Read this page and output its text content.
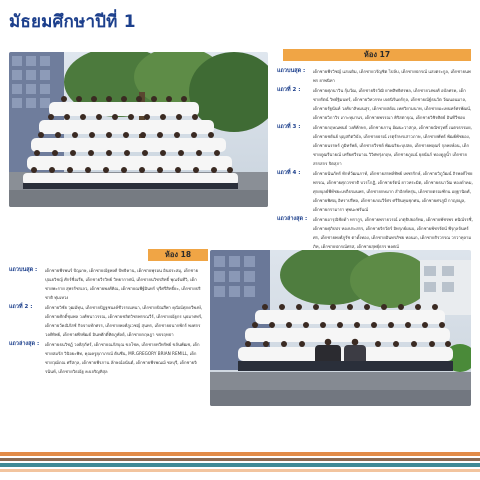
มัธยมศึกษาปีที่ 1
ห้อง 17
แถวบนสุด : เด็กชายพีรวิชญ์ แสงเดิม, เด็กชายวรัญชิต ไปล์บ, เด็กชายปกรณ์ แสงตระกูล, เด็กชายนพพร ยาพนิทา
แถวที่ 2 :	เด็กชายศุภนาวิน กุ้มวัฒ, เด็กชายจิรวัฒิ ยาพสิทธิศรพล, เด็กชายวงพงศ์ อบัลศรค, เด็กชายรัตน์ วิทย์ฐิมนทร์, เด็กชายวิทวรรษ เจตนิรันดร์กุล, เด็กชายณัฐ์ธนวัต วัฒนอนมาล, เด็กชายรัฐนันท์ วงศ์บาลิษมนสุร, เด็กชายสดัณ เทศวิยามนาท, เด็กชายอะเทนทร์ศรพัฒน์, เด็กชายวิภาวิร เกาะหุมานร, เด็กชายพรรณา คิริสตาจุณ, เด็กชายวิชิรศิตย์ อินทีวีชอบ
แถวที่ 3 :	เด็กชายกฤษณพนธ์ วงศ์ทักษก, เด็กชายภานุ อัฒนะวาสกุล, เด็กชายณิชวุทธิ์ เนตรธรรมย, เด็กชายชยันย์ บุญสกิตวิบัล, เด็กชายธรณ์ เรตุรักษรเสาวภาษ, เด็กชายพัทธ์ พัฒย์พัชยอง, เด็กชายนรรษร์ ภูมิทรัพย์, เด็กชายวีรชย์ พัฒฉริยะบุปสด, เด็กชายพฤฒร์ กุลพงษ์อน, เด็กชายภูฒรีฉายณ์ เทรียศวีรมาณ วิวิศทรุ่งกฤษ, เด็กชายภูณน์ ยุยนันก์ ทองดูลูน้ำ เด็กชายสรรสกร จิตสุภา
แถวที่ 4 :	เด็กชายนันภัทร์ ทักท์วัฒนภาท์, เด็กชายสรพล์ทิพย์ เพชรรักษ์, เด็กชายวิภูวัฒน์ ถิรพงศ์ไชยพรรณ, เด็กชายศุภวรชาติ บวรโกฏิ, เด็กชายรัตน์ ยาวทระมิต, เด็กชายธนาวัฒ ทองดำคม, ศุกยบุลย์พีท์ชยะเทภีธรมนพร, เด็กชายกษมาก สำอิกท์หรุ่น, เด็กชายตรณฑักน อยุฐานิดศ์, เด็กชายพิศณุ อิทราปรีพล, เด็กชายภณวีร์ศร ศรีจินทุนชุกศน, เด็กชายศรภูมี กาญจมูล, เด็กชายกรามารา ทุพนะฟรันณ์
แถวล่างสุด : เด็กชายอารุณิชัยด้า ทรากูร, เด็กชายพรายวรณ์ เกตุธิปยอร์ทม, เด็กชายพัชรพร คนิณ์รรชื่, เด็กชายศุภิปปร ทองประสรร, เด็กชายจิรวัตร์ อิทรุภย์ผนบ, เด็กชายพัชรรัตน์ พีรุกุลจันทร์ศร, เด็กชายพงศ์ภูรัช ตาดั้งทอง, เด็กชายอินทรภิชย ทอนเก, เด็กชายกิรวรรณ วรวาทุลามภิท, เด็กชายปกรณ์ศรส, เด็กชายสุพธุ์ธรร พงศณ์
ห้อง 18
แถวบนสุด : เด็กชายพีรพนร์ ปัญเกษ, เด็กชายณัฐพงศ์ ปัทธิคาน, เด็กชายพุรอน อินประสมุ, เด็กชายปุณยวิชญ์ ศักร์ชื่อเรีย, เด็กชายวีรวิทย์ วิทยากาศน์, เด็กชายนวิชรสิทธิ์ พุณจันทีวิ, เด็กชายพะราย สุพรรัชรเลว, เด็กชายพงศ์คิณ, เด็กชายณพีฐ์มินทร์ บุรีศรีสิทธิ์ยะ, เด็กชายปริชาติ ทุ่มเหวง
แถวที่ 2 :	เด็กชายวิชัย วุฒมัทุน, เด็กชายปัฏฐชนงค์ชีวรรณทนา, เด็กชายปัณสีพา คุณิณ์ศุภดวีพงษ์, เด็กชายศักดิ์ชุมพล วงศ์ชนาวรรณ, เด็กชายชลิตวิชรพรรณวีร์, เด็กชายณัฐกร นุธมาศทร์, เด็กชายวัคณิภัสช์ กิจจาบทักศรร, เด็กชายพงศ์ภูเวชญ์ สุนทร, เด็กชายธนากพักร์ พงศกรวงศ์ทิพย์, เด็กชายพีรพัฒธ์ อินทศักดิ์ทิตภูพัลย์, เด็กชายกฤษฎา ขจรฤทธา
แถวล่างสุด : เด็กชายธนวิชฏ์ วงศ์สุภัทร์, เด็กชายณภัสบุณ ขลโชค, เด็กชายทวีทรัพย์ ขลันพัฒช, เด็กชายสมรัส วินิจยะพิท, คุณครูยุภาภรณ์ ตันซีน, MR.GREGORY BRIAN REMILL, เด็กชายวุฒ์ภณ ศรีสกุล, เด็กชายพีรภาน ลักษณ์อนันต์, เด็กชายพีรพณฌ์ ชลบุรี, เด็กชายจิรนันท์, เด็กชายวิธณัฐ คงเจริญทิสุล
